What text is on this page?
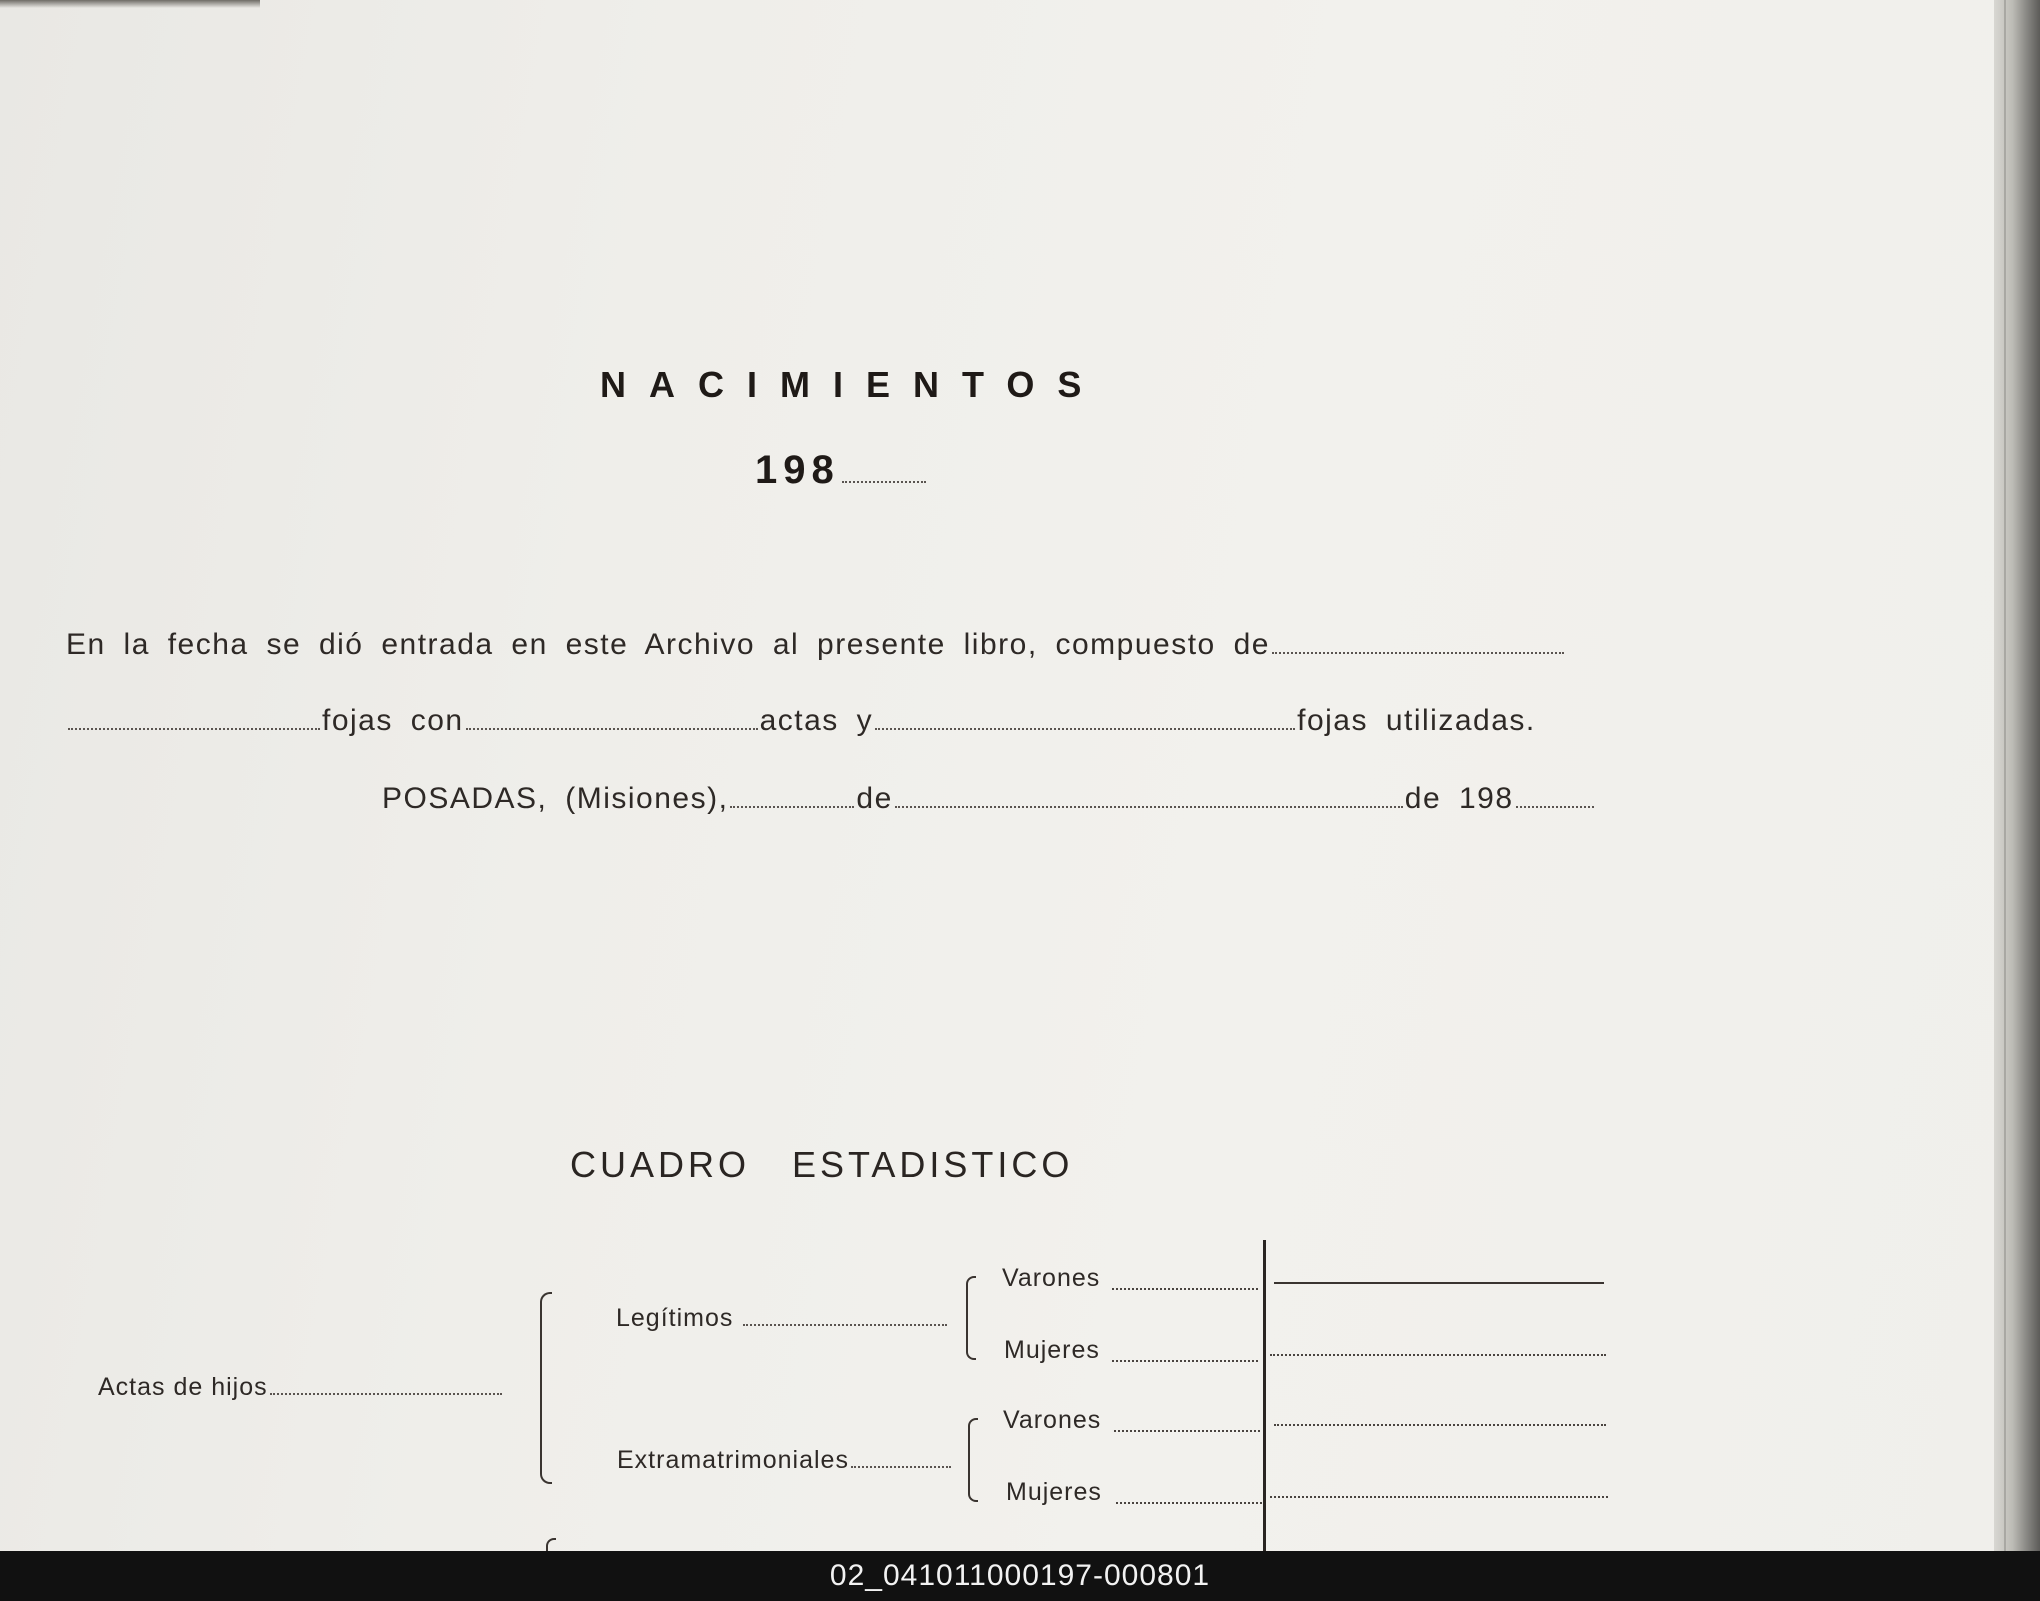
NACIMIENTOS
198
En la fecha se dió entrada en este Archivo al presente libro, compuesto de
fojas con	actas y	fojas utilizadas.
POSADAS, (Misiones),	de	de 198
CUADRO ESTADISTICO
Actas de hijos
Legítimos
Varones
Mujeres
Extramatrimoniales
Varones
Mujeres
02_041011000197-000801
